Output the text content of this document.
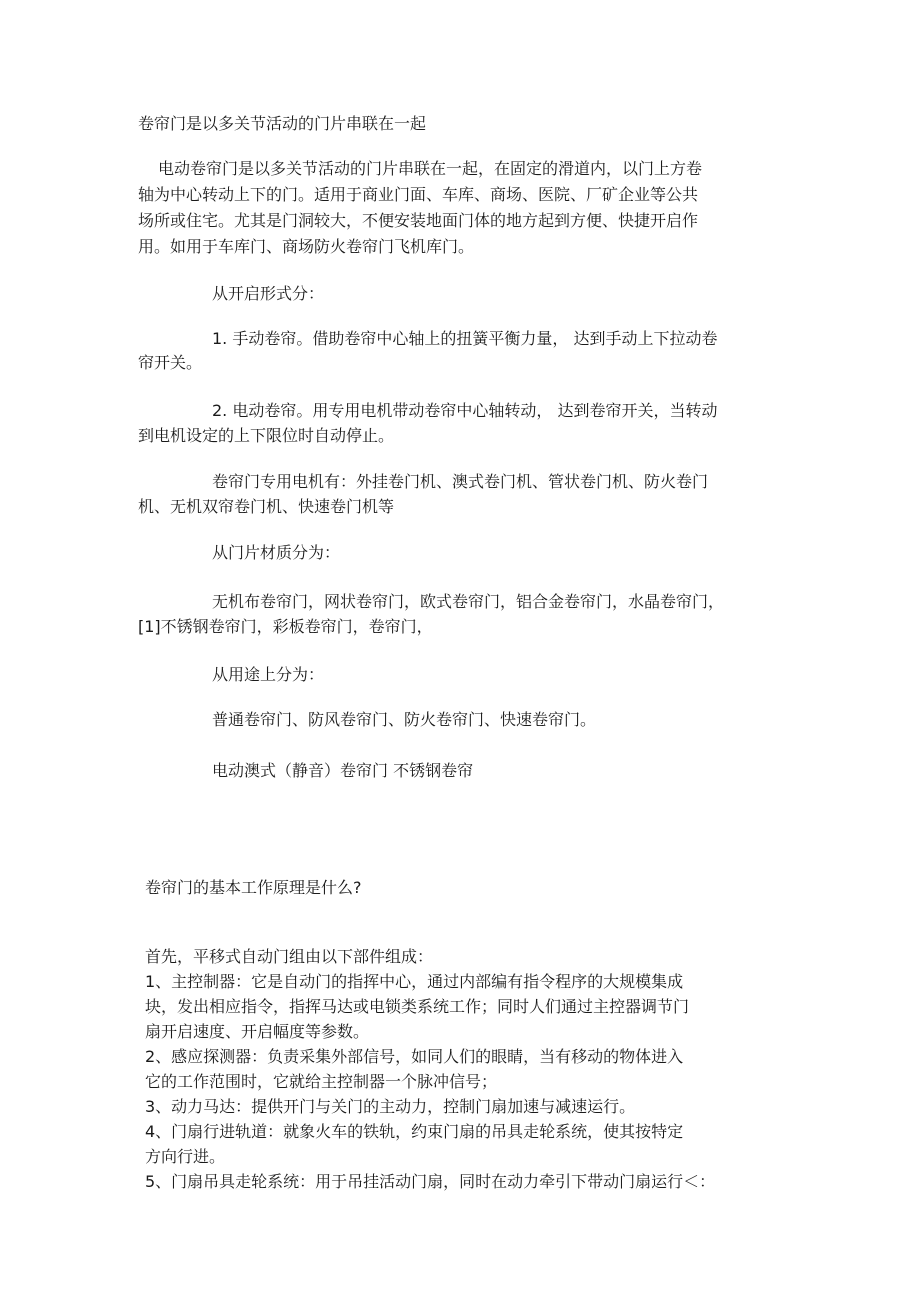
卷帘门是以多关节活动的门片串联在一起
电动卷帘门是以多关节活动的门片串联在一起，在固定的滑道内，以门上方卷
轴为中心转动上下的门。适用于商业门面、车库、商场、医院、厂矿企业等公共
场所或住宅。尤其是门洞较大，不便安装地面门体的地方起到方便、快捷开启作
用。如用于车库门、商场防火卷帘门飞机库门。
从开启形式分：
1. 手动卷帘。借助卷帘中心轴上的扭簧平衡力量， 达到手动上下拉动卷
帘开关。
2. 电动卷帘。用专用电机带动卷帘中心轴转动， 达到卷帘开关，当转动
到电机设定的上下限位时自动停止。
卷帘门专用电机有：外挂卷门机、澳式卷门机、管状卷门机、防火卷门
机、无机双帘卷门机、快速卷门机等
从门片材质分为：
无机布卷帘门，网状卷帘门，欧式卷帘门，铝合金卷帘门，水晶卷帘门，
[1]不锈钢卷帘门，彩板卷帘门，卷帘门，
从用途上分为：
普通卷帘门、防风卷帘门、防火卷帘门、快速卷帘门。
电动澳式（静音）卷帘门 不锈钢卷帘
卷帘门的基本工作原理是什么?
首先，平移式自动门组由以下部件组成：
1、主控制器：它是自动门的指挥中心，通过内部编有指令程序的大规模集成
块，发出相应指令，指挥马达或电锁类系统工作；同时人们通过主控器调节门
扇开启速度、开启幅度等参数。
2、感应探测器：负责采集外部信号，如同人们的眼睛，当有移动的物体进入
它的工作范围时，它就给主控制器一个脉冲信号；
3、动力马达：提供开门与关门的主动力，控制门扇加速与减速运行。
4、门扇行进轨道：就象火车的铁轨，约束门扇的吊具走轮系统，使其按特定
方向行进。
5、门扇吊具走轮系统：用于吊挂活动门扇，同时在动力牵引下带动门扇运行＜：
